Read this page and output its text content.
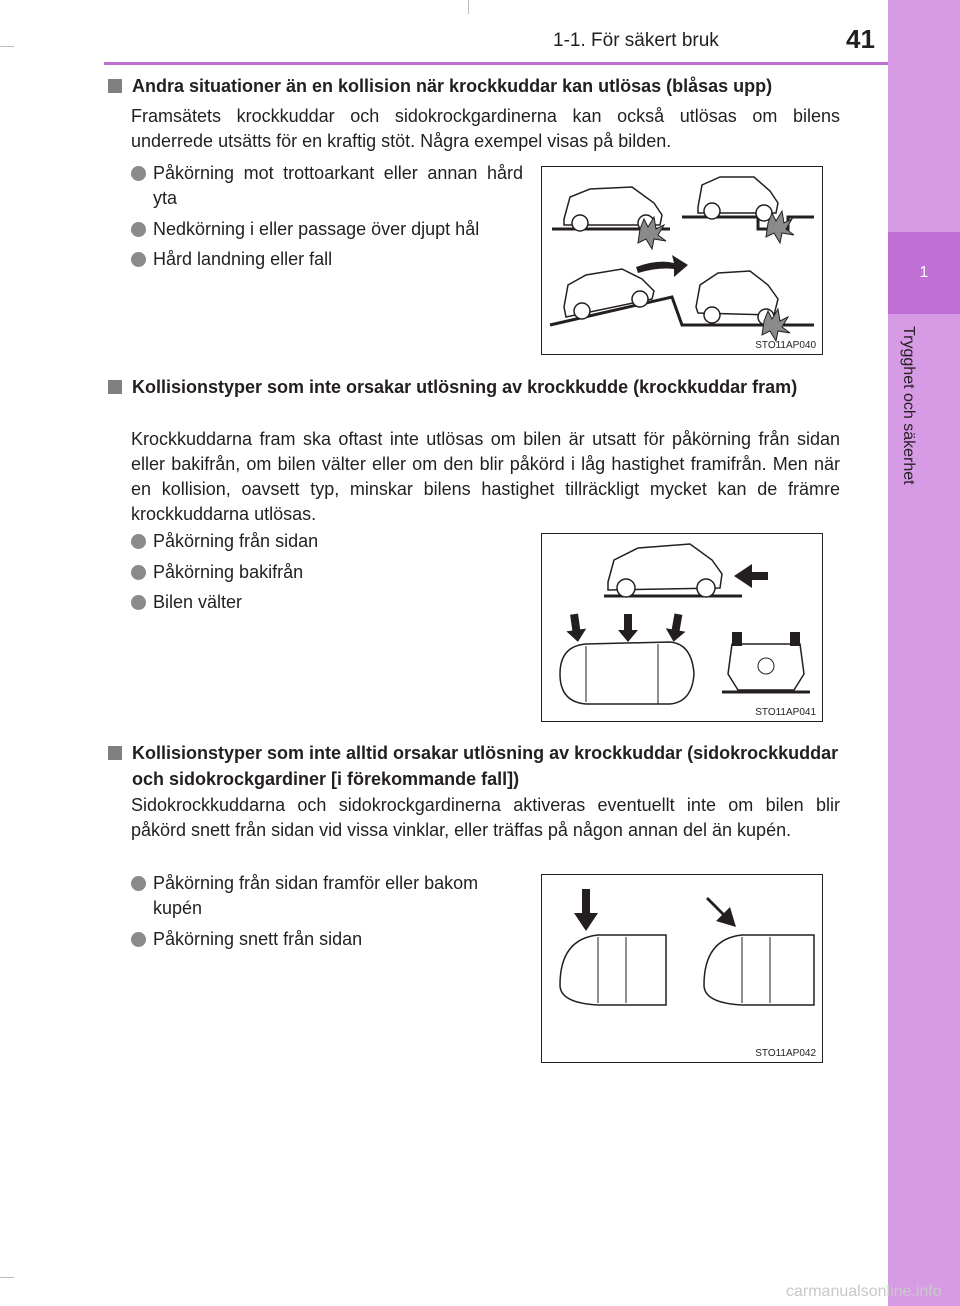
1
Trygghet och säkerhet
1-1. För säkert bruk	41
Andra situationer än en kollision när krockkuddar kan utlösas (blåsas upp)
Framsätets krockkuddar och sidokrockgardinerna kan också utlösas om bilens underrede utsätts för en kraftig stöt. Några exempel visas på bilden.
Påkörning mot trottoarkant eller annan hård yta
Nedkörning i eller passage över djupt hål
Hård landning eller fall
STO11AP040
Kollisionstyper som inte orsakar utlösning av krockkudde (krockkuddar fram)
Krockkuddarna fram ska oftast inte utlösas om bilen är utsatt för påkörning från sidan eller bakifrån, om bilen välter eller om den blir påkörd i låg hastighet framifrån. Men när en kollision, oavsett typ, minskar bilens hastighet tillräckligt mycket kan de främre krockkuddarna utlösas.
Påkörning från sidan
Påkörning bakifrån
Bilen välter
STO11AP041
Kollisionstyper som inte alltid orsakar utlösning av krockkuddar (sidokrockkuddar och sidokrockgardiner [i förekommande fall])
Sidokrockkuddarna och sidokrockgardinerna aktiveras eventuellt inte om bilen blir påkörd snett från sidan vid vissa vinklar, eller träffas på någon annan del än kupén.
Påkörning från sidan framför eller bakom kupén
Påkörning snett från sidan
STO11AP042
carmanualsonline.info
